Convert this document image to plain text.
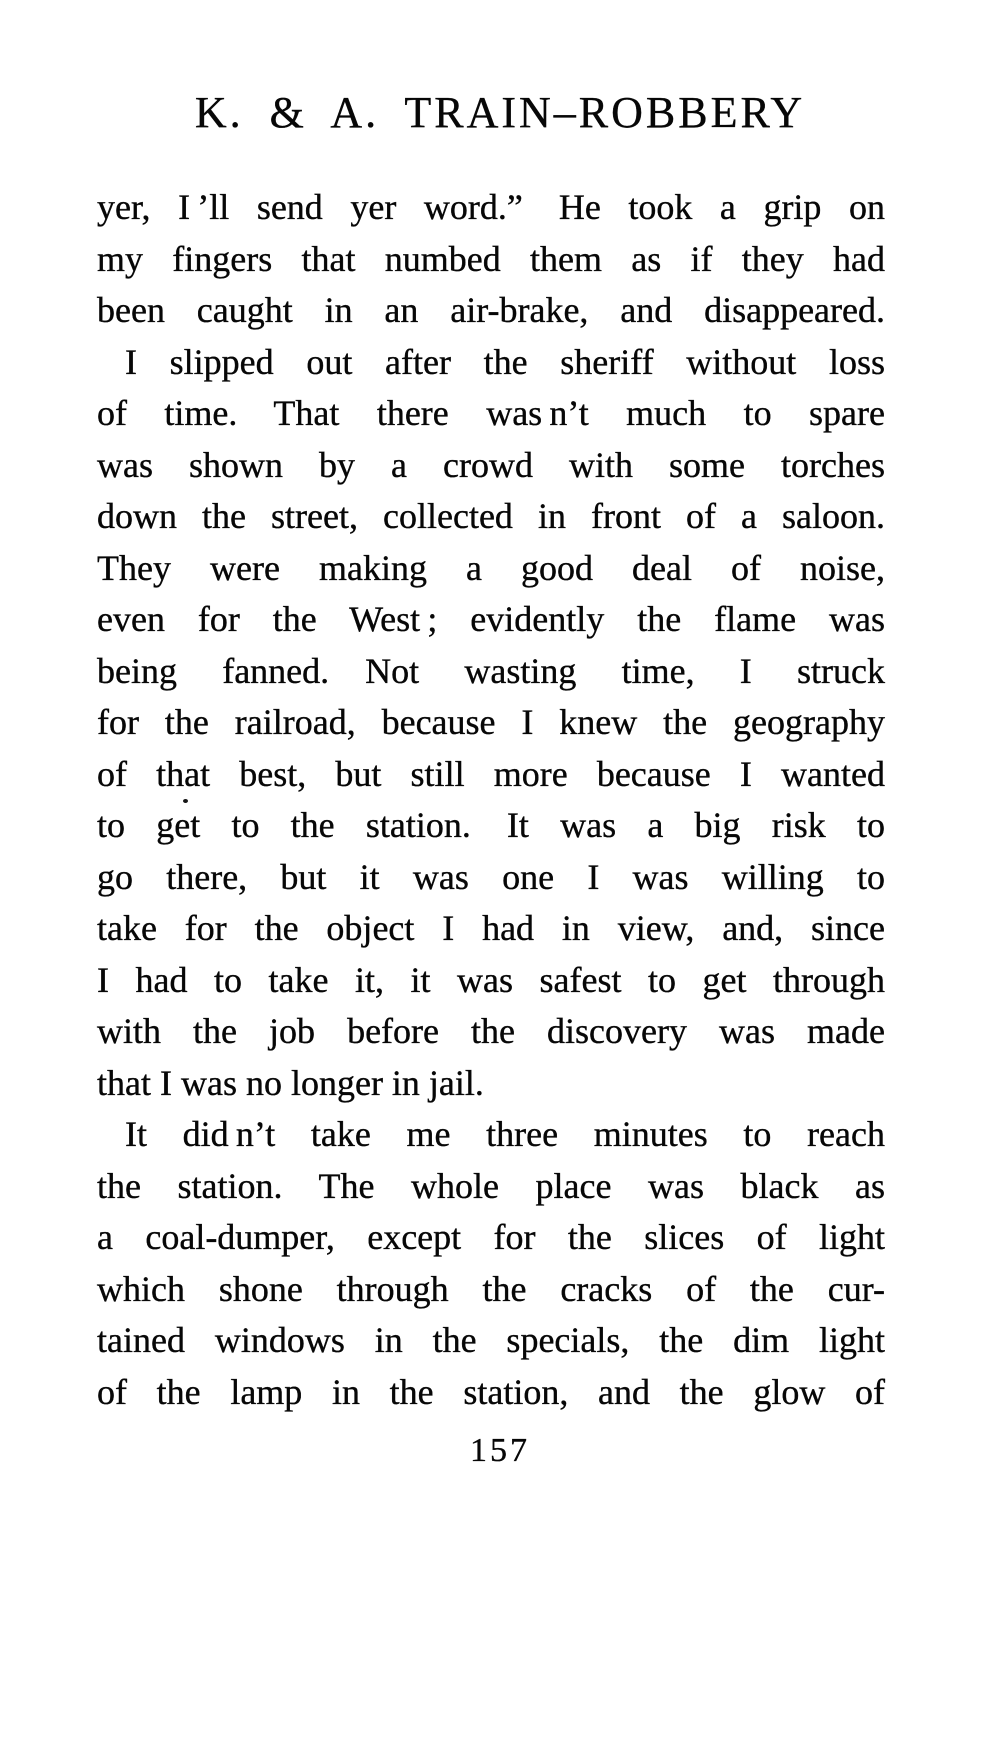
K. & A. TRAIN–ROBBERY
yer, I ’ll send yer word.” He took a grip on
my fingers that numbed them as if they had
been caught in an air-brake, and disappeared.
I slipped out after the sheriff without loss
of time. That there was n’t much to spare
was shown by a crowd with some torches
down the street, collected in front of a saloon.
They were making a good deal of noise,
even for the West ; evidently the flame was
being fanned. Not wasting time, I struck
for the railroad, because I knew the geography
of that best, but still more because I wanted
to get to the station. It was a big risk to
go there, but it was one I was willing to
take for the object I had in view, and, since
I had to take it, it was safest to get through
with the job before the discovery was made
that I was no longer in jail.
It did n’t take me three minutes to reach
the station. The whole place was black as
a coal-dumper, except for the slices of light
which shone through the cracks of the cur-
tained windows in the specials, the dim light
of the lamp in the station, and the glow of
157
